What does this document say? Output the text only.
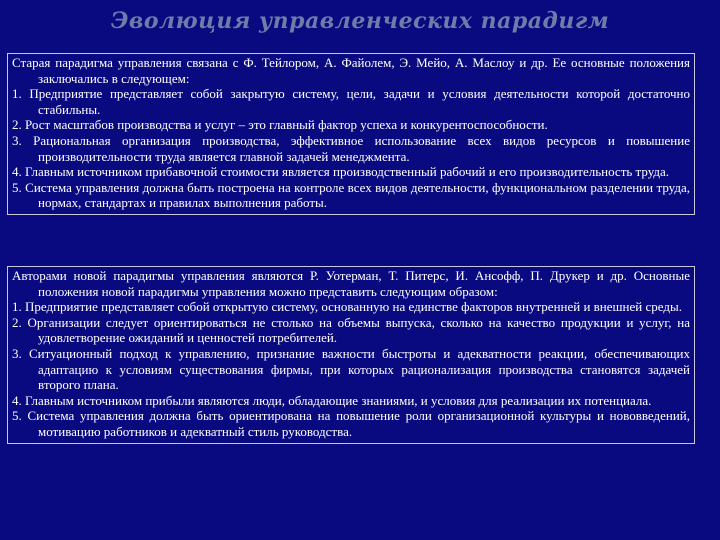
Эволюция управленческих парадигм

Старая парадигма управления связана с Ф. Тейлором, А. Файолем, Э. Мейо, А. Маслоу и др. Ее основные положения заключались в следующем:

1. Предприятие представляет собой закрытую систему, цели, задачи и условия деятельности которой достаточно стабильны.

2. Рост масштабов производства и услуг – это главный фактор успеха и конкурентоспособности.

3. Рациональная организация производства, эффективное использование всех видов ресурсов и повышение производительности труда является главной задачей менеджмента.

4. Главным источником прибавочной стоимости является производственный рабочий и его производительность труда.

5. Система управления должна быть построена на контроле всех видов деятельности, функциональном разделении труда, нормах, стандартах и правилах выполнения работы.

Авторами новой парадигмы управления являются Р. Уотерман, Т. Питерс, И. Ансофф, П. Друкер и др. Основные положения новой парадигмы управления можно представить следующим образом:

1. Предприятие представляет собой открытую систему, основанную на единстве факторов внутренней и внешней среды.

2. Организации следует ориентироваться не столько на объемы выпуска, сколько на качество продукции и услуг, на удовлетворение ожиданий и ценностей потребителей.

3. Ситуационный подход к управлению, признание важности быстроты и адекватности реакции, обеспечивающих адаптацию к условиям существования фирмы, при которых рационализация производства становятся задачей второго плана.

4. Главным источником прибыли являются люди, обладающие знаниями, и условия для реализации их потенциала.

5. Система управления должна быть ориентирована на повышение роли организационной культуры и нововведений, мотивацию работников и адекватный стиль руководства.
